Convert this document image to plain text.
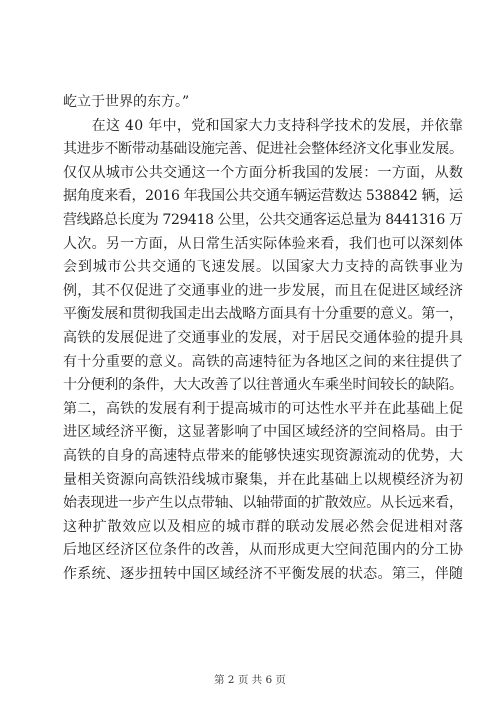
屹立于世界的东方。”
　　在这 40 年中，党和国家大力支持科学技术的发展，并依靠
其进步不断带动基础设施完善、促进社会整体经济文化事业发展。
仅仅从城市公共交通这一个方面分析我国的发展：一方面，从数
据角度来看，2016 年我国公共交通车辆运营数达 538842 辆，运
营线路总长度为 729418 公里，公共交通客运总量为 8441316 万
人次。另一方面，从日常生活实际体验来看，我们也可以深刻体
会到城市公共交通的飞速发展。以国家大力支持的高铁事业为
例，其不仅促进了交通事业的进一步发展，而且在促进区域经济
平衡发展和贯彻我国走出去战略方面具有十分重要的意义。第一，
高铁的发展促进了交通事业的发展，对于居民交通体验的提升具
有十分重要的意义。高铁的高速特征为各地区之间的来往提供了
十分便利的条件，大大改善了以往普通火车乘坐时间较长的缺陷。
第二，高铁的发展有利于提高城市的可达性水平并在此基础上促
进区域经济平衡，这显著影响了中国区域经济的空间格局。由于
高铁的自身的高速特点带来的能够快速实现资源流动的优势，大
量相关资源向高铁沿线城市聚集，并在此基础上以规模经济为初
始表现进一步产生以点带轴、以轴带面的扩散效应。从长远来看，
这种扩散效应以及相应的城市群的联动发展必然会促进相对落
后地区经济区位条件的改善，从而形成更大空间范围内的分工协
作系统、逐步扭转中国区域经济不平衡发展的状态。第三，伴随
第 2 页 共 6 页
